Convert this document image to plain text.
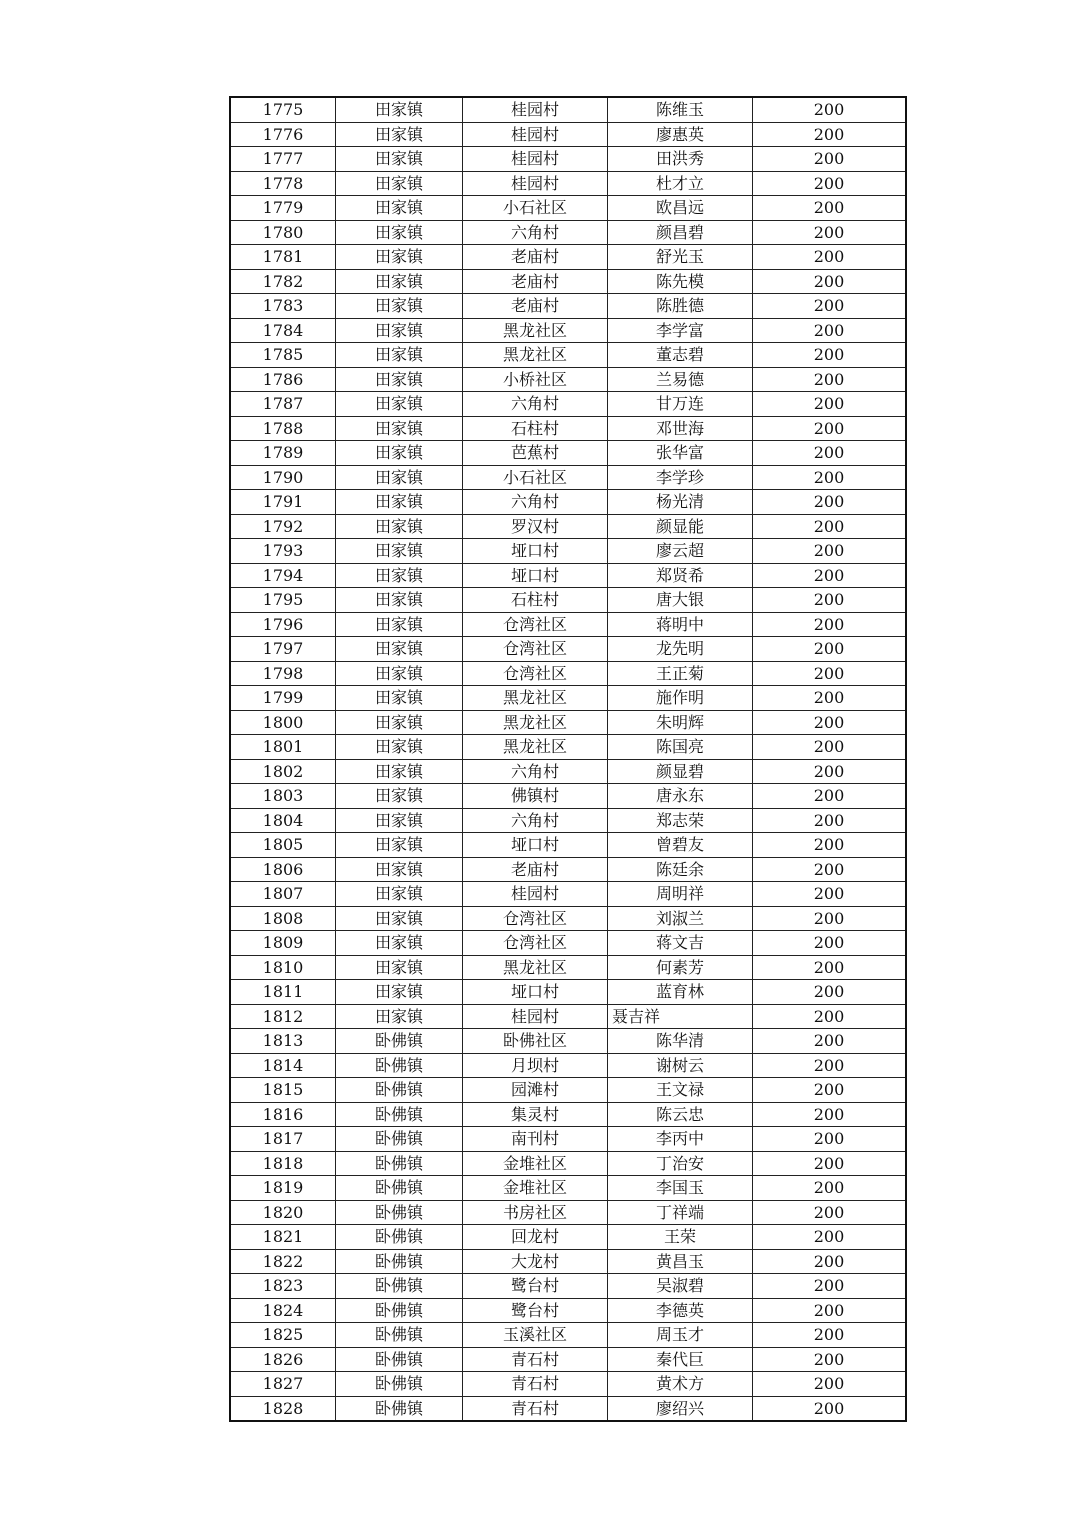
1775	田家镇	桂园村	陈维玉	200
1776	田家镇	桂园村	廖惠英	200
1777	田家镇	桂园村	田洪秀	200
1778	田家镇	桂园村	杜才立	200
1779	田家镇	小石社区	欧昌远	200
1780	田家镇	六角村	颜昌碧	200
1781	田家镇	老庙村	舒光玉	200
1782	田家镇	老庙村	陈先模	200
1783	田家镇	老庙村	陈胜德	200
1784	田家镇	黑龙社区	李学富	200
1785	田家镇	黑龙社区	董志碧	200
1786	田家镇	小桥社区	兰易德	200
1787	田家镇	六角村	甘万连	200
1788	田家镇	石柱村	邓世海	200
1789	田家镇	芭蕉村	张华富	200
1790	田家镇	小石社区	李学珍	200
1791	田家镇	六角村	杨光清	200
1792	田家镇	罗汉村	颜显能	200
1793	田家镇	垭口村	廖云超	200
1794	田家镇	垭口村	郑贤希	200
1795	田家镇	石柱村	唐大银	200
1796	田家镇	仓湾社区	蒋明中	200
1797	田家镇	仓湾社区	龙先明	200
1798	田家镇	仓湾社区	王正菊	200
1799	田家镇	黑龙社区	施作明	200
1800	田家镇	黑龙社区	朱明辉	200
1801	田家镇	黑龙社区	陈国亮	200
1802	田家镇	六角村	颜显碧	200
1803	田家镇	佛镇村	唐永东	200
1804	田家镇	六角村	郑志荣	200
1805	田家镇	垭口村	曾碧友	200
1806	田家镇	老庙村	陈廷余	200
1807	田家镇	桂园村	周明祥	200
1808	田家镇	仓湾社区	刘淑兰	200
1809	田家镇	仓湾社区	蒋文吉	200
1810	田家镇	黑龙社区	何素芳	200
1811	田家镇	垭口村	蓝育林	200
1812	田家镇	桂园村	聂吉祥	200
1813	卧佛镇	卧佛社区	陈华清	200
1814	卧佛镇	月坝村	谢树云	200
1815	卧佛镇	园滩村	王文禄	200
1816	卧佛镇	集灵村	陈云忠	200
1817	卧佛镇	南刊村	李丙中	200
1818	卧佛镇	金堆社区	丁治安	200
1819	卧佛镇	金堆社区	李国玉	200
1820	卧佛镇	书房社区	丁祥端	200
1821	卧佛镇	回龙村	王荣	200
1822	卧佛镇	大龙村	黄昌玉	200
1823	卧佛镇	鹭台村	吴淑碧	200
1824	卧佛镇	鹭台村	李德英	200
1825	卧佛镇	玉溪社区	周玉才	200
1826	卧佛镇	青石村	秦代巨	200
1827	卧佛镇	青石村	黄术方	200
1828	卧佛镇	青石村	廖绍兴	200
